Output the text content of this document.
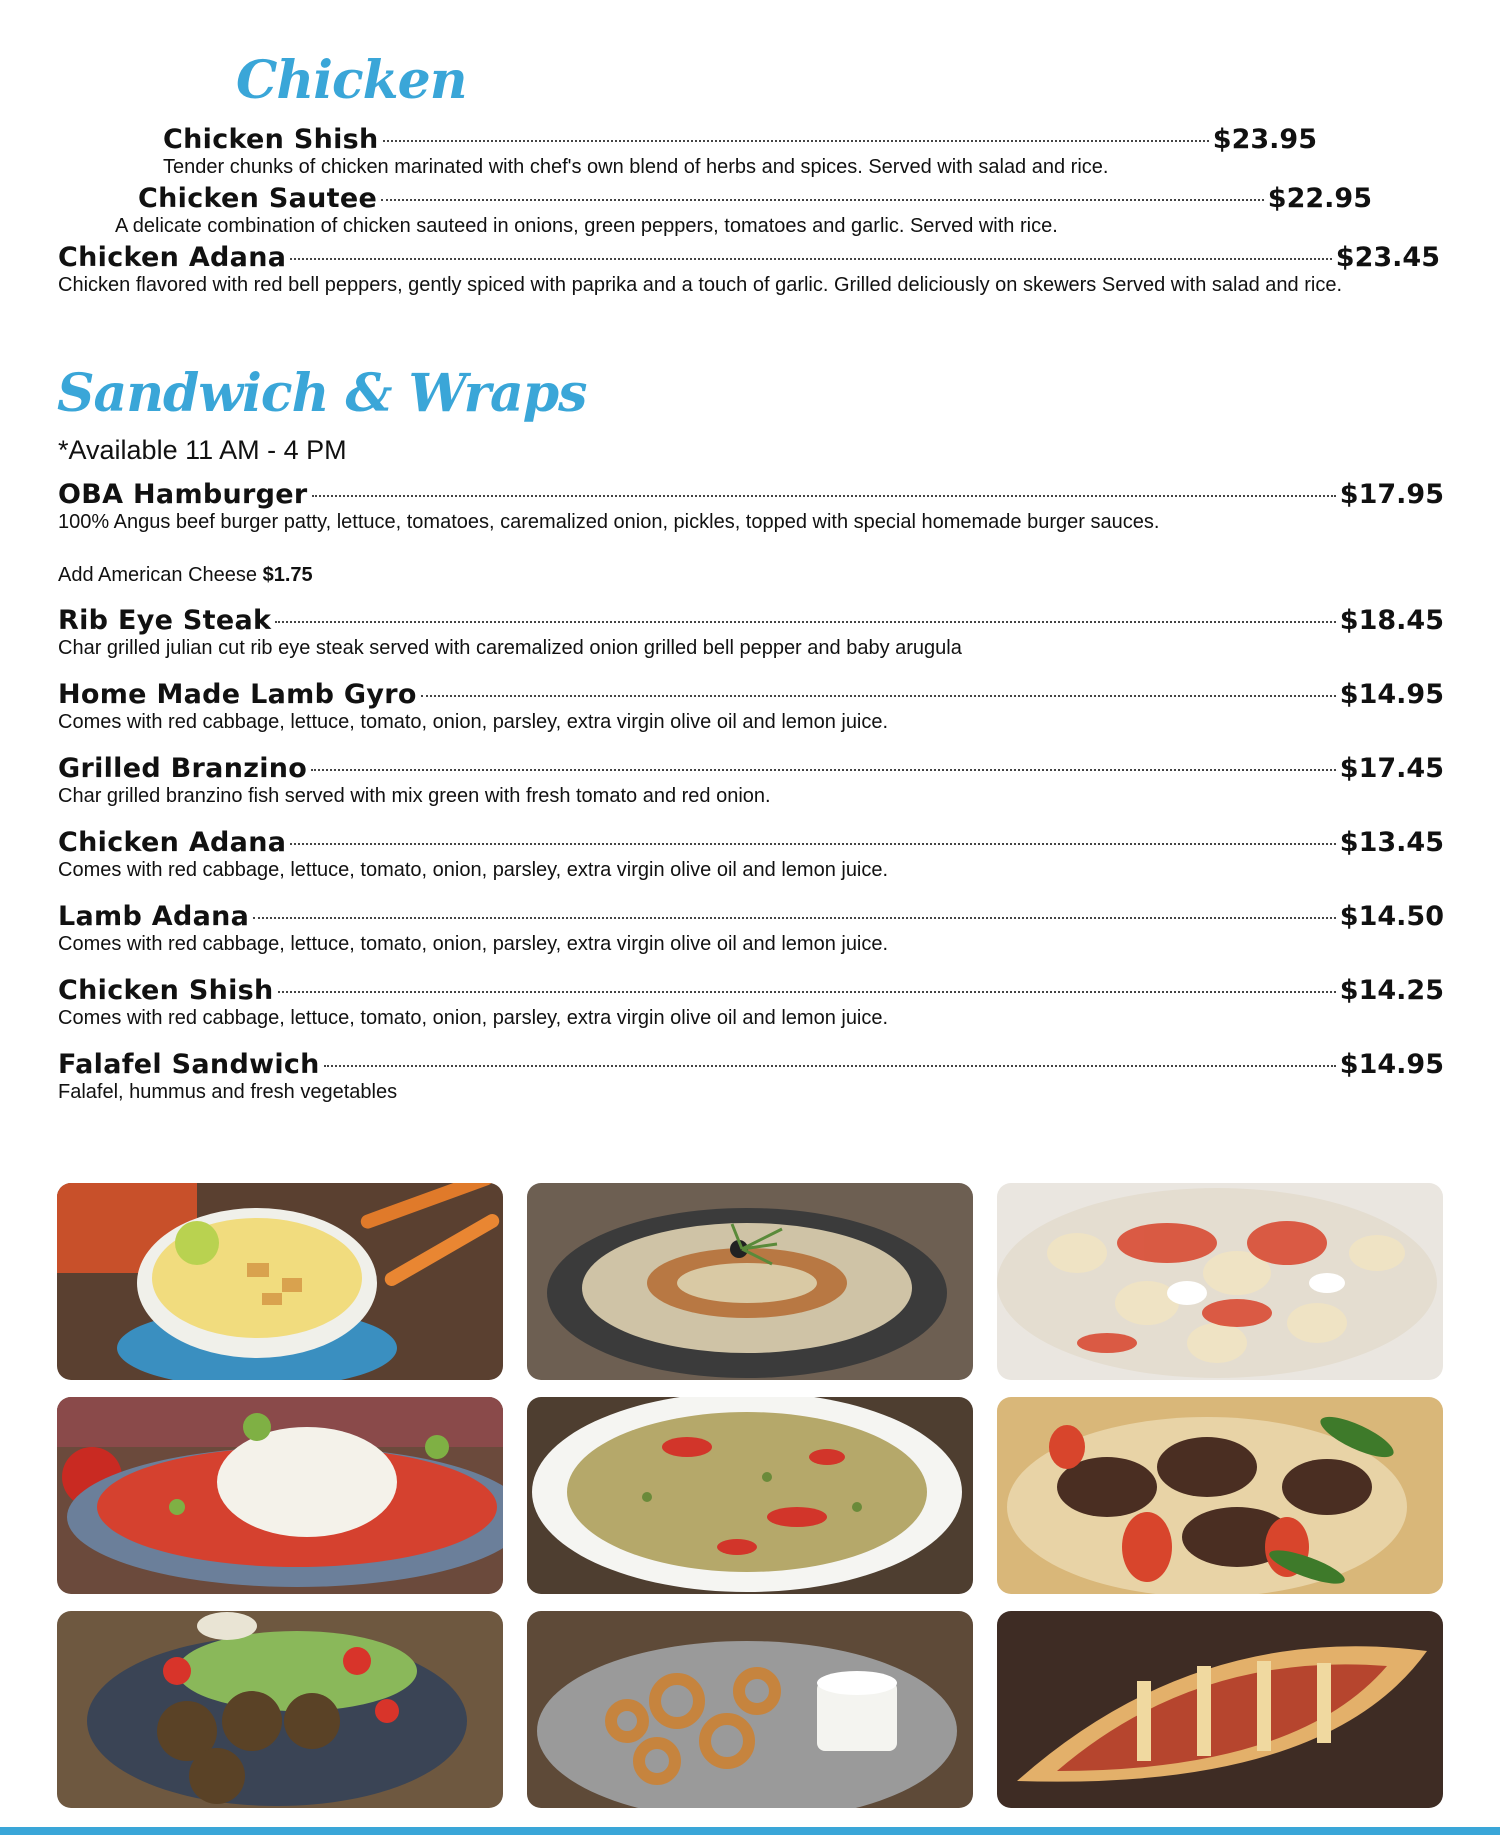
Chicken
Chicken Shish	$23.95
Tender chunks of chicken marinated with chef's own blend of herbs and spices. Served with salad and rice.
Chicken Sautee	$22.95
A delicate combination of chicken sauteed in onions, green peppers, tomatoes and garlic. Served with rice.
Chicken Adana	$23.45
Chicken flavored with red bell peppers, gently spiced with paprika and a touch of garlic. Grilled deliciously on skewers Served with salad and rice.
Sandwich & Wraps
*Available 11 AM - 4 PM
OBA Hamburger	$17.95
100% Angus beef burger patty, lettuce, tomatoes, caremalized onion, pickles, topped with special homemade burger sauces.
Add American Cheese $1.75
Rib Eye Steak	$18.45
Char grilled julian cut rib eye steak served with caremalized onion grilled bell pepper and baby arugula
Home Made Lamb Gyro	$14.95
Comes with red cabbage, lettuce, tomato, onion, parsley, extra virgin olive oil and lemon juice.
Grilled Branzino	$17.45
Char grilled branzino fish served with mix green with fresh tomato and red onion.
Chicken Adana	$13.45
Comes with red cabbage, lettuce, tomato, onion, parsley, extra virgin olive oil and lemon juice.
Lamb Adana	$14.50
Comes with red cabbage, lettuce, tomato, onion, parsley, extra virgin olive oil and lemon juice.
Chicken Shish	$14.25
Comes with red cabbage, lettuce, tomato, onion, parsley, extra virgin olive oil and lemon juice.
Falafel Sandwich	$14.95
Falafel, hummus and fresh vegetables
